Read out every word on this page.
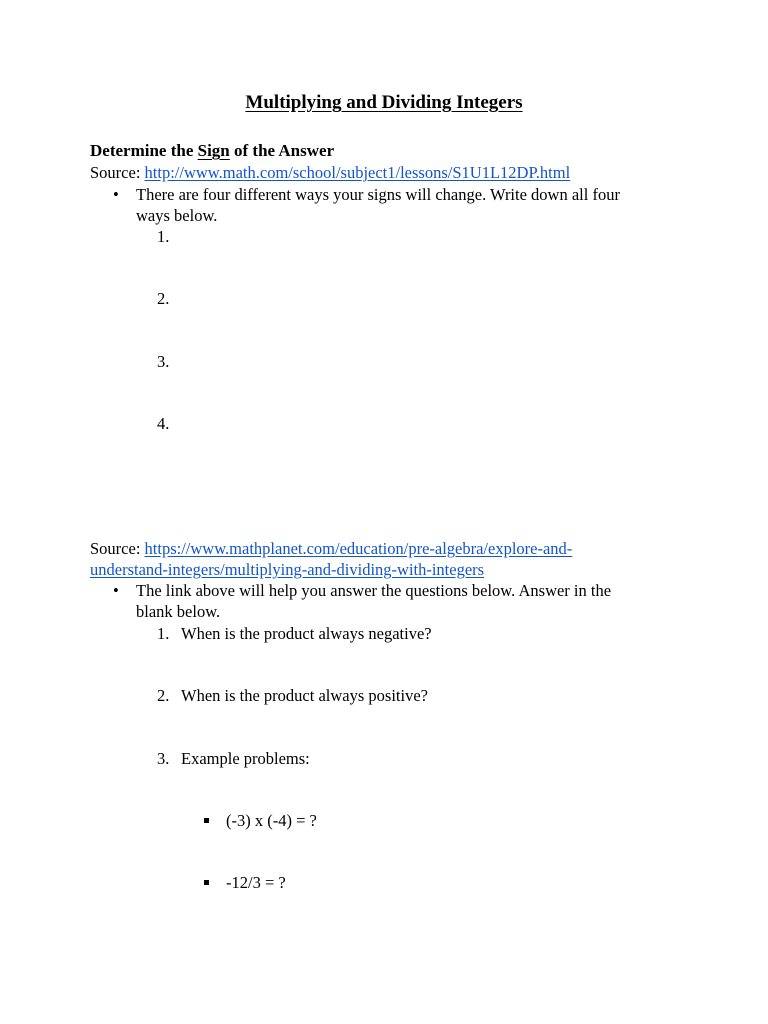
Multiplying and Dividing Integers
Determine the Sign of the Answer
Source: http://www.math.com/school/subject1/lessons/S1U1L12DP.html
•	There are four different ways your signs will change. Write down all four
ways below.
1.
2.
3.
4.
Source: https://www.mathplanet.com/education/pre-algebra/explore-and-
understand-integers/multiplying-and-dividing-with-integers
•	The link above will help you answer the questions below. Answer in the
blank below.
1. When is the product always negative?
2. When is the product always positive?
3. Example problems:
(-3) x (-4) = ?
-12/3 = ?
